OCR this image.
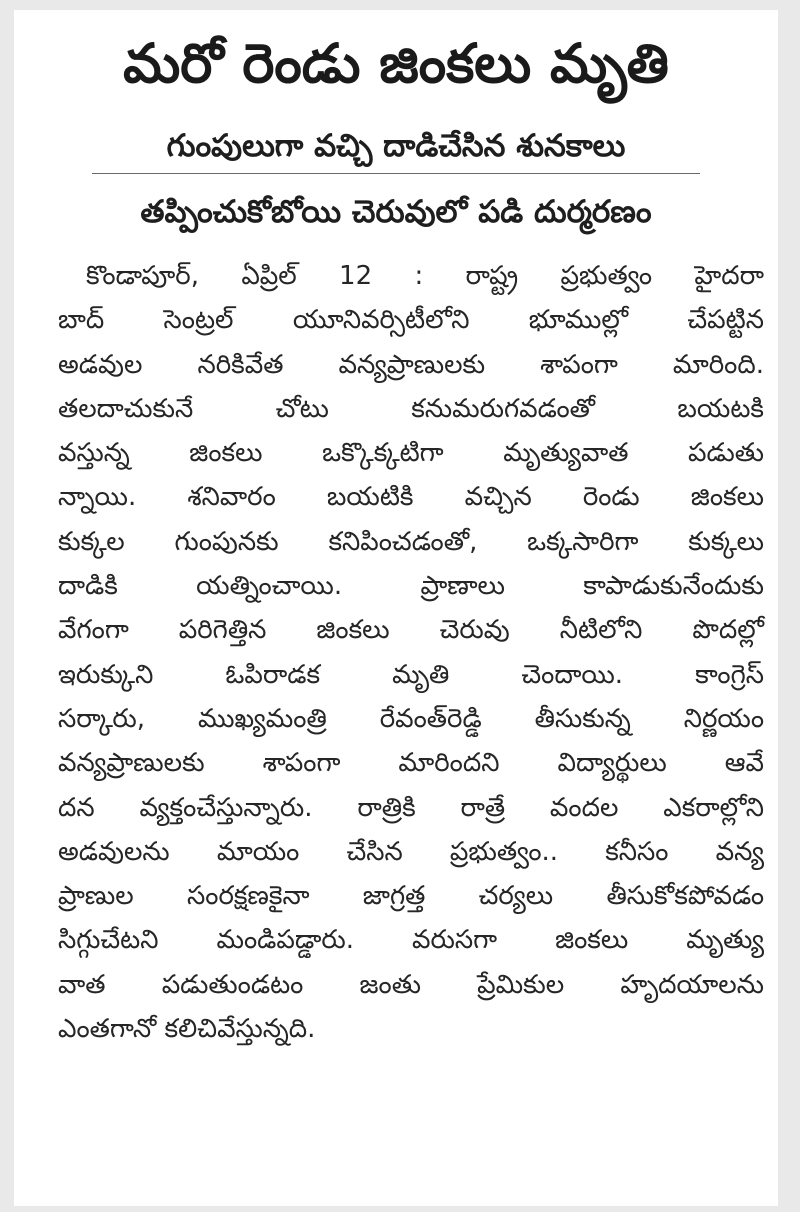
మరో రెండు జింకలు మృతి
గుంపులుగా వచ్చి దాడిచేసిన శునకాలు
తప్పించుకోబోయి చెరువులో పడి దుర్మరణం
కొండాపూర్, ఏప్రిల్ 12 : రాష్ట్ర ప్రభుత్వం హైదరా
బాద్ సెంట్రల్ యూనివర్సిటీలోని భూముల్లో చేపట్టిన
అడవుల నరికివేత వన్యప్రాణులకు శాపంగా మారింది.
తలదాచుకునే చోటు కనుమరుగవడంతో బయటకి
వస్తున్న జింకలు ఒక్కొక్కటిగా మృత్యువాత పడుతు
న్నాయి. శనివారం బయటికి వచ్చిన రెండు జింకలు
కుక్కల గుంపునకు కనిపించడంతో, ఒక్కసారిగా కుక్కలు
దాడికి యత్నించాయి. ప్రాణాలు కాపాడుకునేందుకు
వేగంగా పరిగెత్తిన జింకలు చెరువు నీటిలోని పొదల్లో
ఇరుక్కుని ఓపిరాడక మృతి చెందాయి. కాంగ్రెస్
సర్కారు, ముఖ్యమంత్రి రేవంత్‌రెడ్డి తీసుకున్న నిర్ణయం
వన్యప్రాణులకు శాపంగా మారిందని విద్యార్థులు ఆవే
దన వ్యక్తంచేస్తున్నారు. రాత్రికి రాత్రే వందల ఎకరాల్లోని
అడవులను మాయం చేసిన ప్రభుత్వం.. కనీసం వన్య
ప్రాణుల సంరక్షణకైనా జాగ్రత్త చర్యలు తీసుకోకపోవడం
సిగ్గుచేటని మండిపడ్డారు. వరుసగా జింకలు మృత్యు
వాత పడుతుండటం జంతు ప్రేమికుల హృదయాలను
ఎంతగానో కలిచివేస్తున్నది.
